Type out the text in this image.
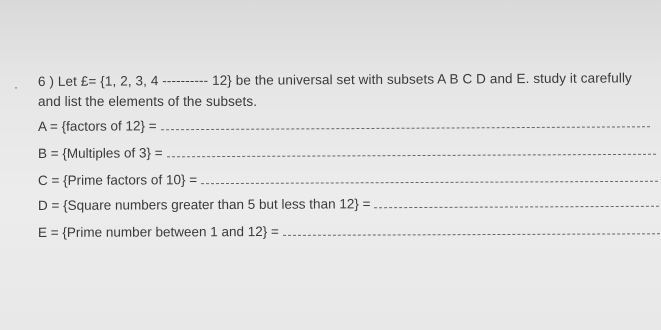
· 6 ) Let £= {1, 2, 3, 4 ---------- 12} be the universal set with subsets A B C D and E. study it carefully
and list the elements of the subsets.
A = {factors of 12} =
B = {Multiples of 3} =
C = {Prime factors of 10} =
D = {Square numbers greater than 5 but less than 12} =
E = {Prime number between 1 and 12} =
